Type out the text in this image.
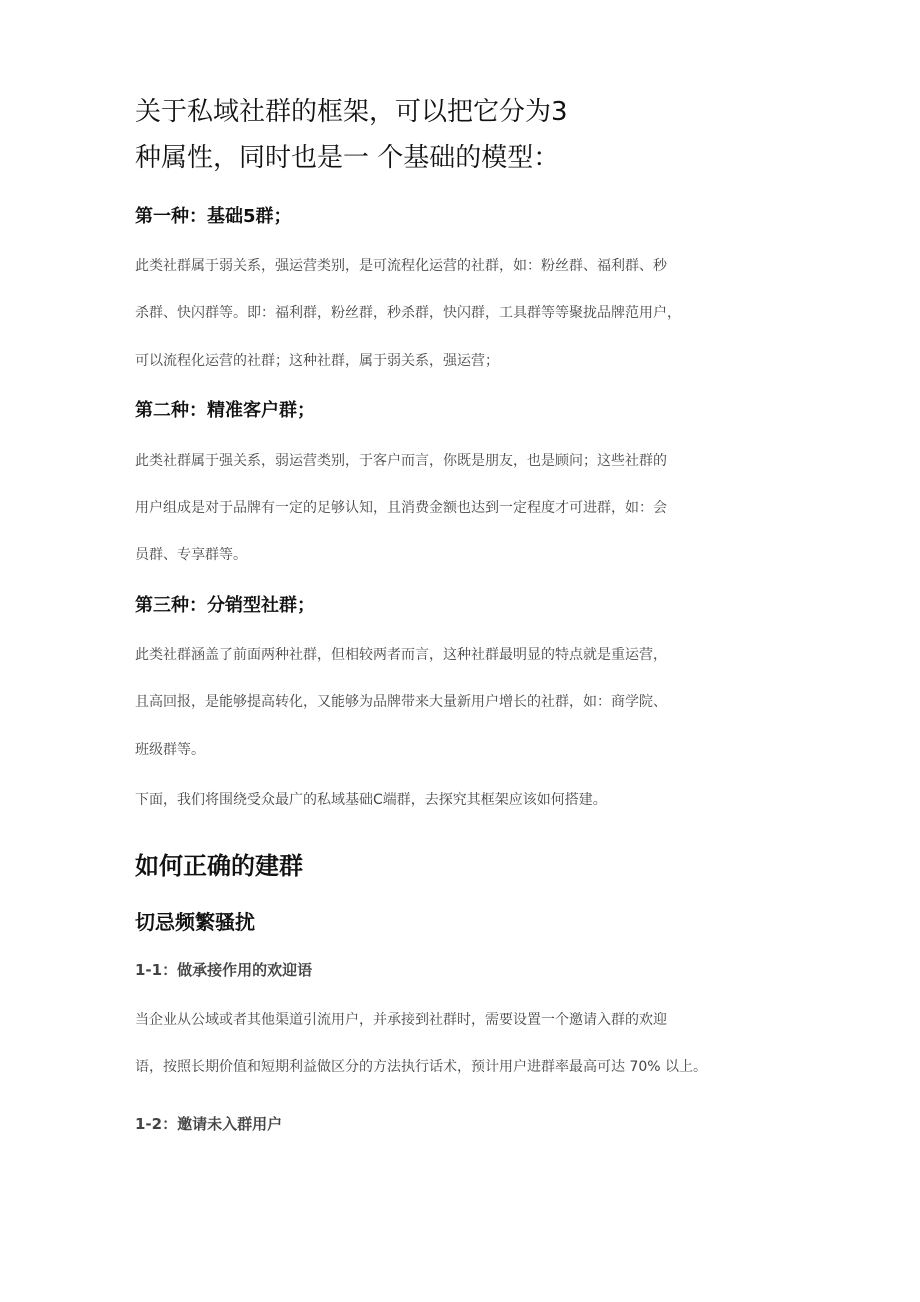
关于私域社群的框架，可以把它分为3
种属性，同时也是一 个基础的模型：
第一种：基础5群；
此类社群属于弱关系，强运营类别，是可流程化运营的社群，如：粉丝群、福利群、秒
杀群、快闪群等。即：福利群，粉丝群，秒杀群，快闪群，工具群等等聚拢品牌范用户，
可以流程化运营的社群；这种社群，属于弱关系，强运营；
第二种：精准客户群；
此类社群属于强关系，弱运营类别，于客户而言，你既是朋友，也是顾问；这些社群的
用户组成是对于品牌有一定的足够认知，且消费金额也达到一定程度才可进群，如：会
员群、专享群等。
第三种：分销型社群；
此类社群涵盖了前面两种社群，但相较两者而言，这种社群最明显的特点就是重运营，
且高回报，是能够提高转化，又能够为品牌带来大量新用户增长的社群，如：商学院、
班级群等。
下面，我们将围绕受众最广的私域基础C端群，去探究其框架应该如何搭建。
如何正确的建群
切忌频繁骚扰
1-1：做承接作用的欢迎语
当企业从公域或者其他渠道引流用户，并承接到社群时，需要设置一个邀请入群的欢迎
语，按照长期价值和短期利益做区分的方法执行话术，预计用户进群率最高可达 70% 以上。
1-2：邀请未入群用户
